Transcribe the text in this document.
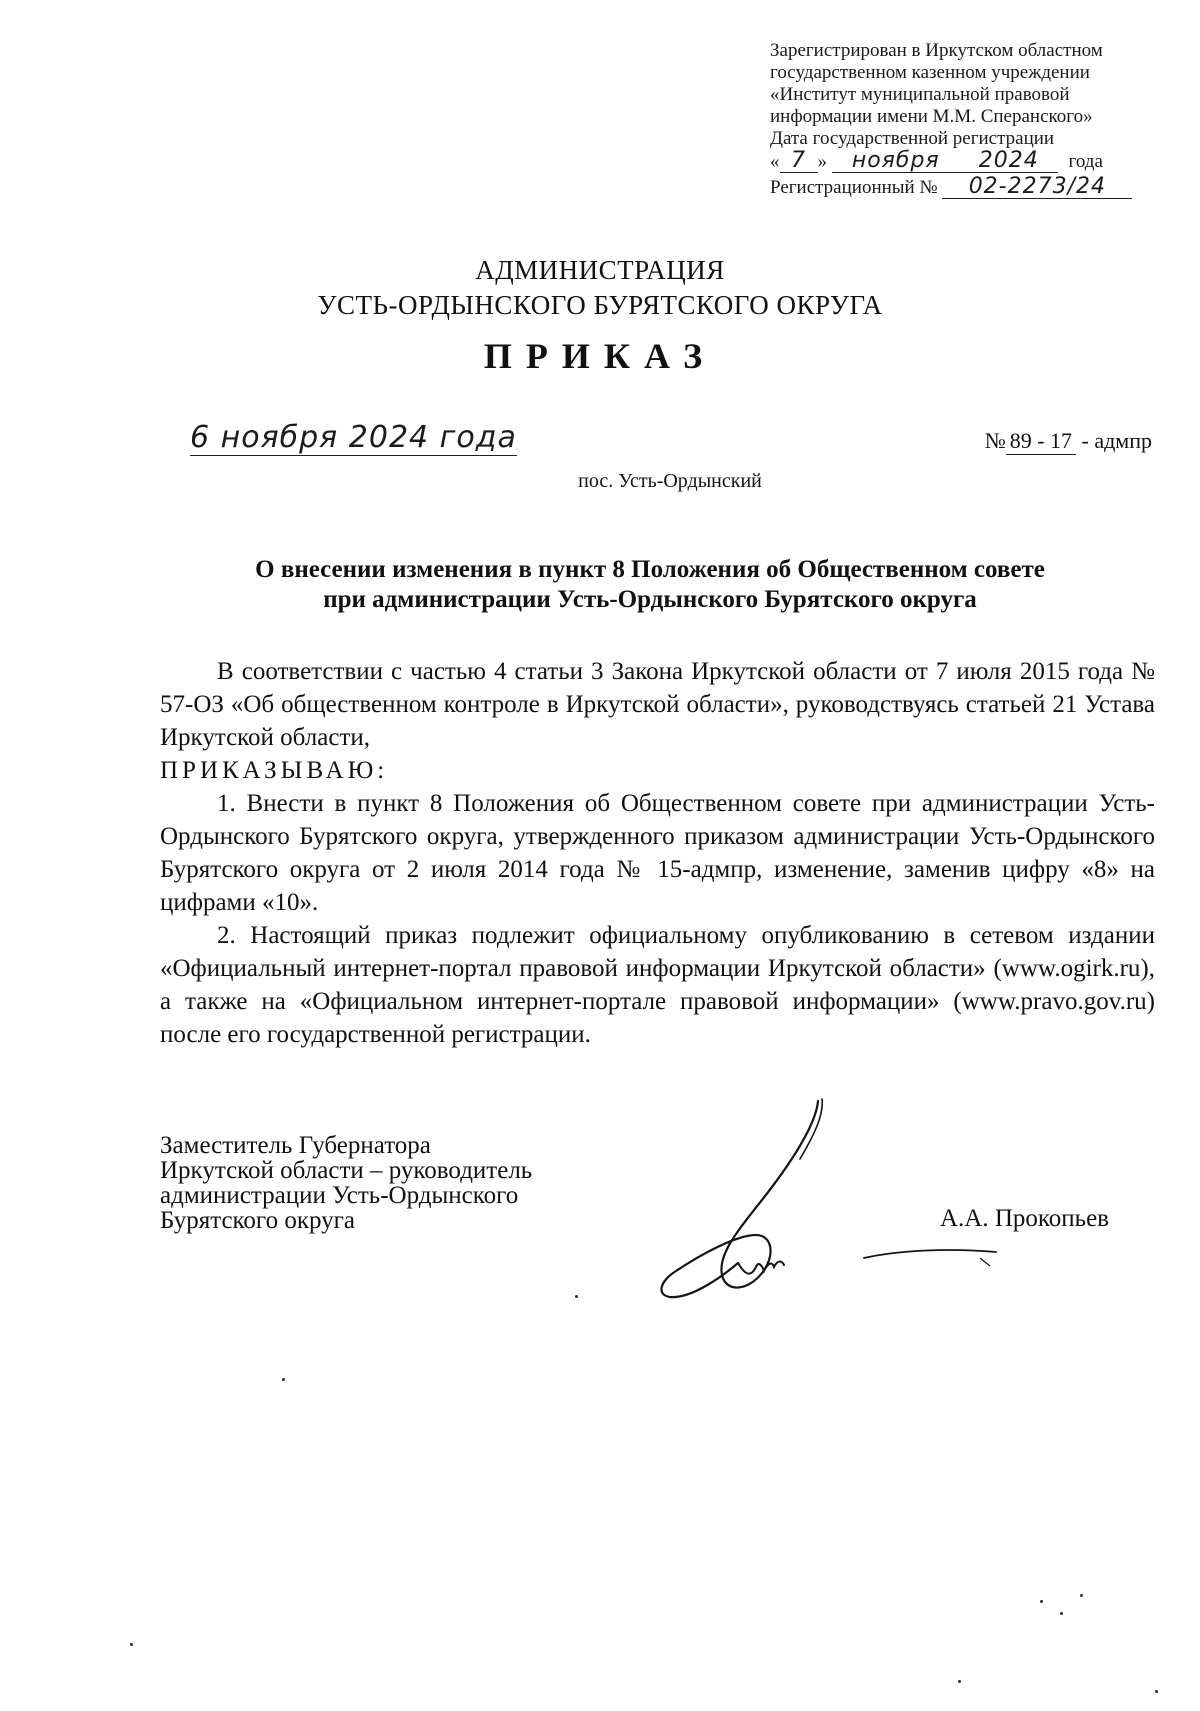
Зарегистрирован в Иркутском областном
государственном казенном учреждении
«Институт муниципальной правовой
информации имени М.М. Сперанского»
Дата государственной регистрации
« 7 » ноября 2024 года
Регистрационный № 02-2273/24
АДМИНИСТРАЦИЯ
УСТЬ-ОРДЫНСКОГО БУРЯТСКОГО ОКРУГА
ПРИКАЗ
6 ноября 2024 года	№ 89 - 17 - адмпр
пос. Усть-Ордынский
О внесении изменения в пункт 8 Положения об Общественном совете
при администрации Усть-Ордынского Бурятского округа

В соответствии с частью 4 статьи 3 Закона Иркутской области от 7 июля 2015 года № 57-ОЗ «Об общественном контроле в Иркутской области», руководствуясь статьей 21 Устава Иркутской области,

ПРИКАЗЫВАЮ:

1. Внести в пункт 8 Положения об Общественном совете при администрации Усть-Ордынского Бурятского округа, утвержденного приказом администрации Усть-Ордынского Бурятского округа от 2 июля 2014 года № 15-адмпр, изменение, заменив цифру «8» на цифрами «10».

2. Настоящий приказ подлежит официальному опубликованию в сетевом издании «Официальный интернет-портал правовой информации Иркутской области» (www.ogirk.ru), а также на «Официальном интернет-портале правовой информации» (www.pravo.gov.ru) после его государственной регистрации.

Заместитель Губернатора
Иркутской области – руководитель
администрации Усть-Ордынского
Бурятского округа	А.А. Прокопьев
